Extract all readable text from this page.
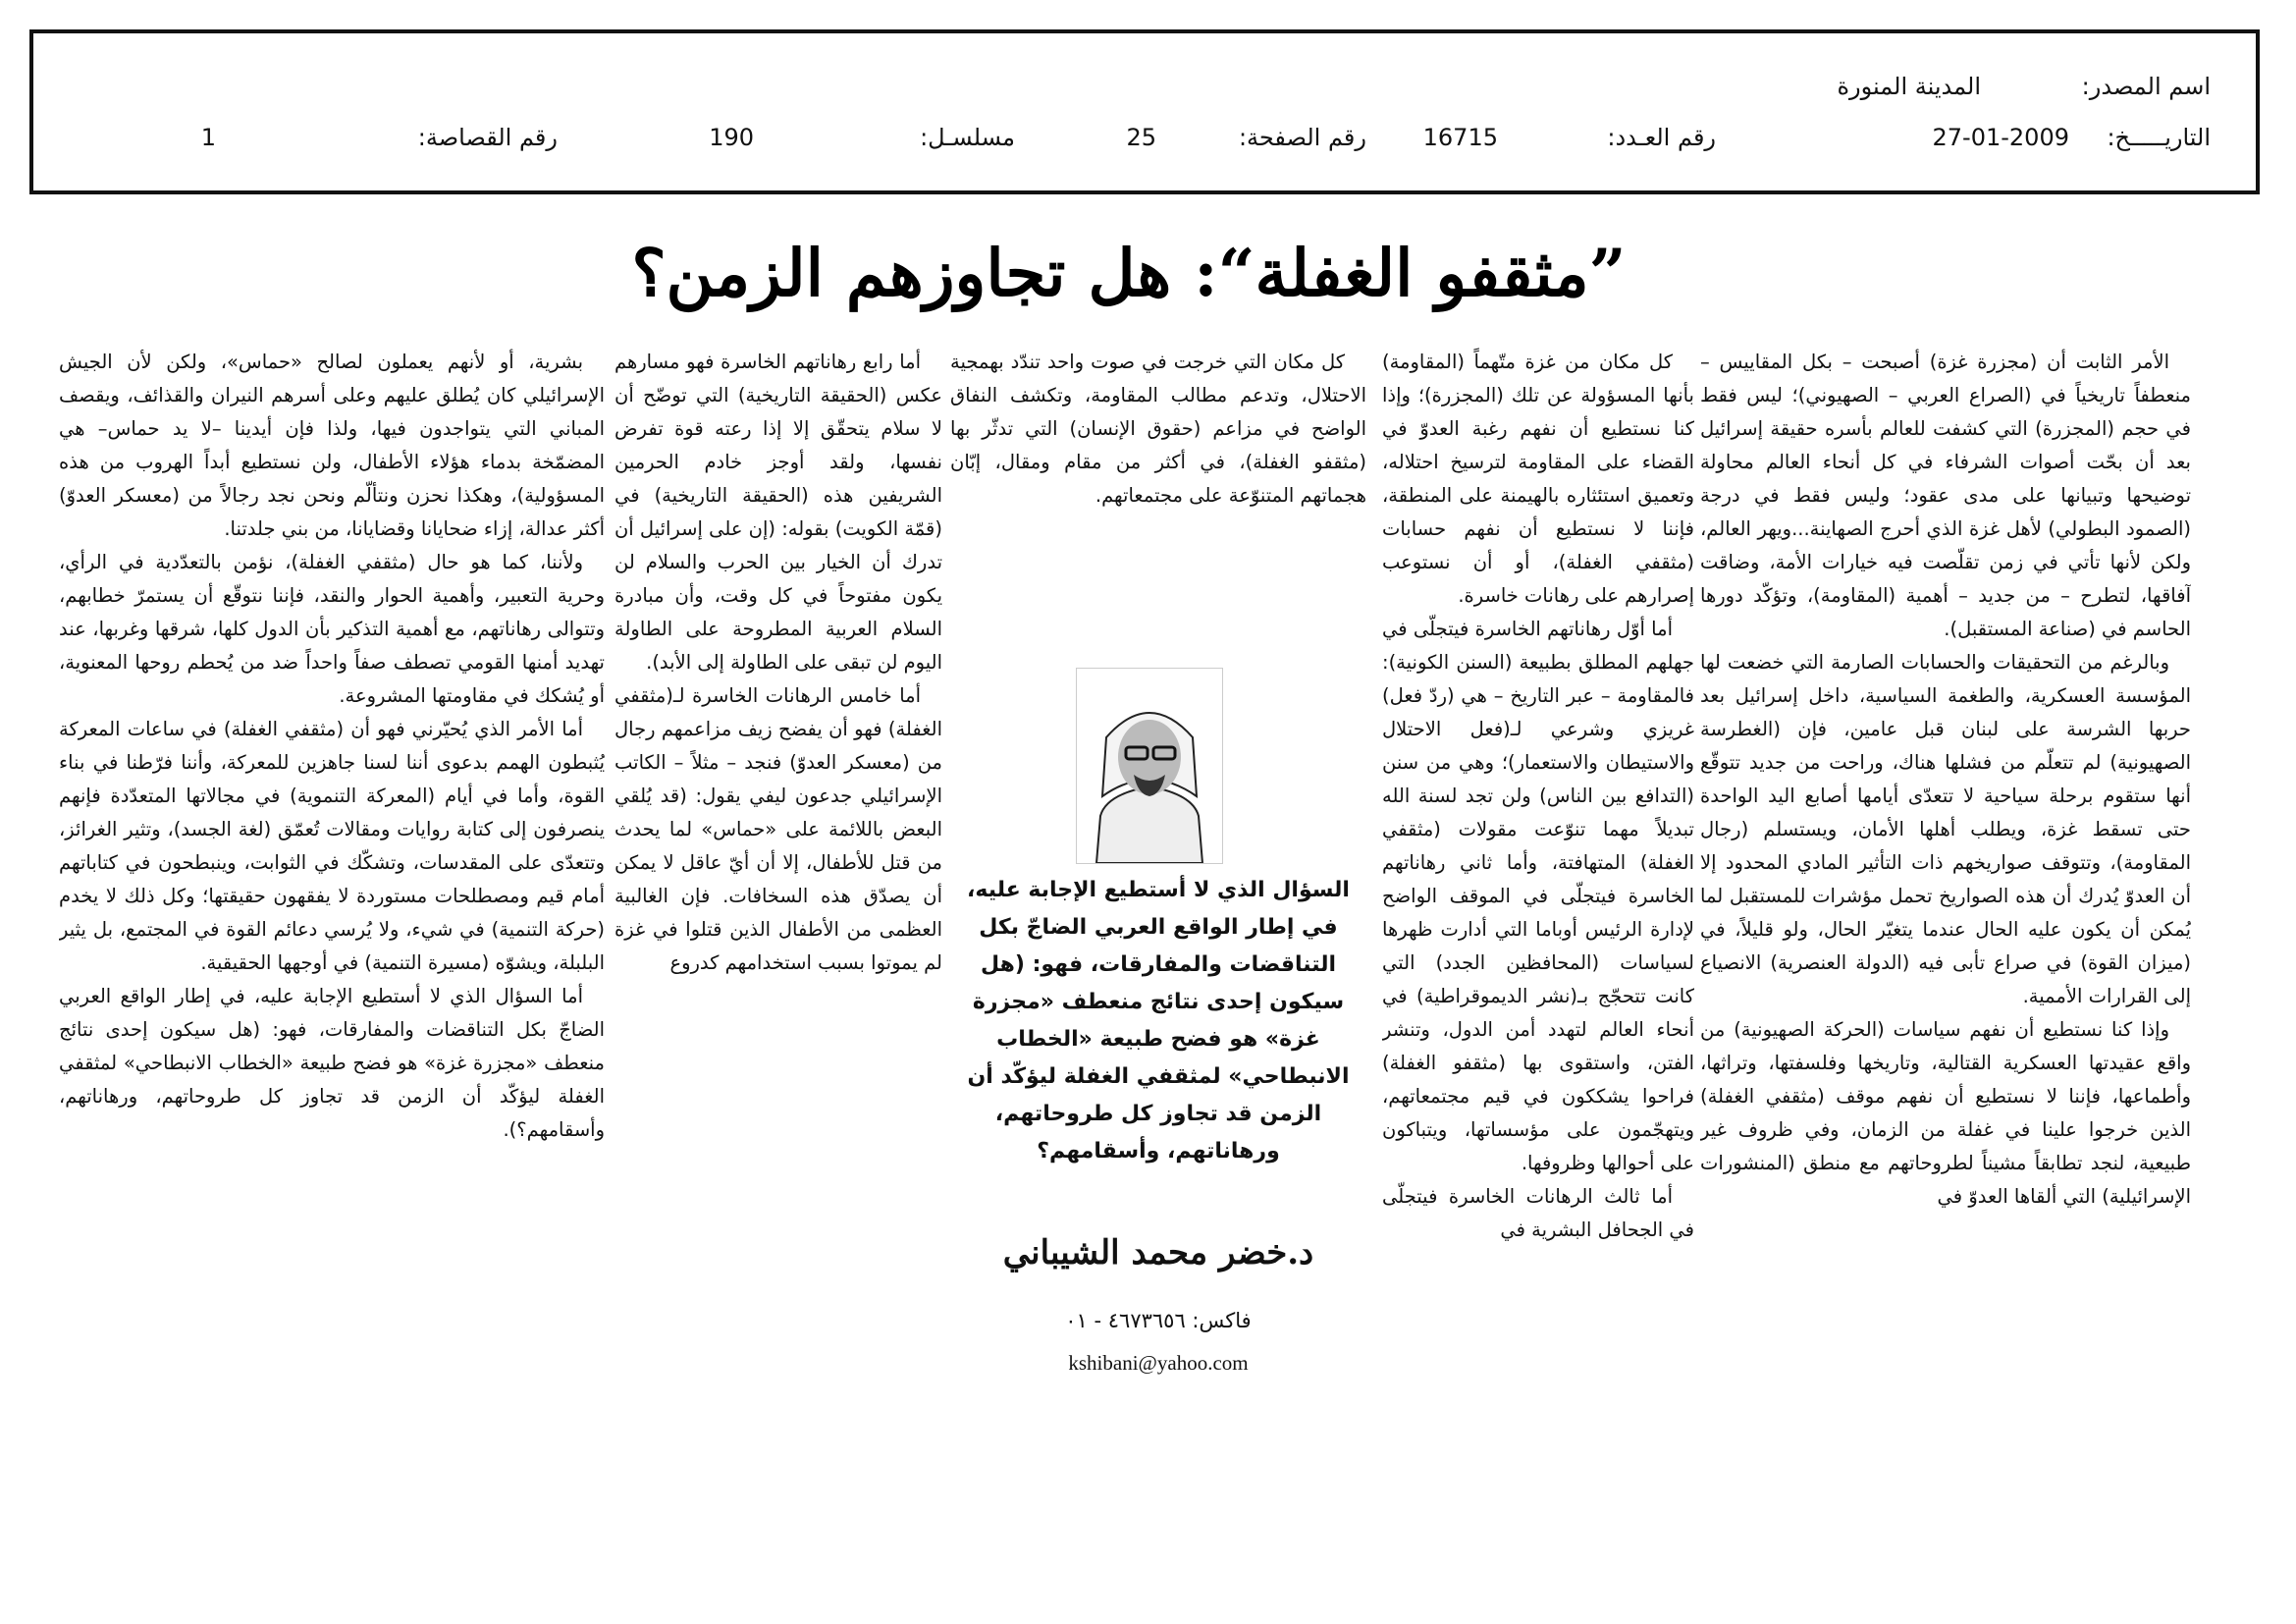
اسم المصدر:
المدينة المنورة
التاريـــــخ:
27-01-2009
رقم العـدد:
16715
رقم الصفحة:
25
مسلسـل:
190
رقم القصاصة:
1
”مثقفو الغفلة“: هل تجاوزهم الزمن؟

الأمر الثابت أن (مجزرة غزة) أصبحت – بكل المقاييس – منعطفاً تاريخياً في (الصراع العربي – الصهيوني)؛ ليس فقط في حجم (المجزرة) التي كشفت للعالم بأسره حقيقة إسرائيل بعد أن بحّت أصوات الشرفاء في كل أنحاء العالم محاولة توضيحها وتبيانها على مدى عقود؛ وليس فقط في درجة (الصمود البطولي) لأهل غزة الذي أحرج الصهاينة...ويهر العالم، ولكن لأنها تأتي في زمن تقلّصت فيه خيارات الأمة، وضاقت آفاقها، لتطرح – من جديد – أهمية (المقاومة)، وتؤكّد دورها الحاسم في (صناعة المستقبل).

وبالرغم من التحقيقات والحسابات الصارمة التي خضعت لها المؤسسة العسكرية، والطغمة السياسية، داخل إسرائيل بعد حربها الشرسة على لبنان قبل عامين، فإن (الغطرسة الصهيونية) لم تتعلّم من فشلها هناك، وراحت من جديد تتوقّع أنها ستقوم برحلة سياحية لا تتعدّى أيامها أصابع اليد الواحدة حتى تسقط غزة، ويطلب أهلها الأمان، ويستسلم (رجال المقاومة)، وتتوقف صواريخهم ذات التأثير المادي المحدود إلا أن العدوّ يُدرك أن هذه الصواريخ تحمل مؤشرات للمستقبل لما يُمكن أن يكون عليه الحال عندما يتغيّر الحال، ولو قليلاً، في (ميزان القوة) في صراع تأبى فيه (الدولة العنصرية) الانصياع إلى القرارات الأممية.

وإذا كنا نستطيع أن نفهم سياسات (الحركة الصهيونية) من واقع عقيدتها العسكرية القتالية، وتاريخها وفلسفتها، وتراثها، وأطماعها، فإننا لا نستطيع أن نفهم موقف (مثقفي الغفلة) الذين خرجوا علينا في غفلة من الزمان، وفي ظروف غير طبيعية، لنجد تطابقاً مشيناً لطروحاتهم مع منطق (المنشورات الإسرائيلية) التي ألقاها العدوّ في

كل مكان من غزة متّهماً (المقاومة) بأنها المسؤولة عن تلك (المجزرة)؛ وإذا كنا نستطيع أن نفهم رغبة العدوّ في القضاء على المقاومة لترسيخ احتلاله، وتعميق استئثاره بالهيمنة على المنطقة، فإننا لا نستطيع أن نفهم حسابات (مثقفي الغفلة)، أو أن نستوعب إصرارهم على رهانات خاسرة.

أما أوّل رهاناتهم الخاسرة فيتجلّى في جهلهم المطلق بطبيعة (السنن الكونية): فالمقاومة – عبر التاريخ – هي (ردّ فعل) غريزي وشرعي لـ(فعل الاحتلال والاستيطان والاستعمار)؛ وهي من سنن (التدافع بين الناس) ولن تجد لسنة الله تبديلاً مهما تنوّعت مقولات (مثقفي الغفلة) المتهافتة، وأما ثاني رهاناتهم الخاسرة فيتجلّى في الموقف الواضح لإدارة الرئيس أوباما التي أدارت ظهرها لسياسات (المحافظين الجدد) التي كانت تتحجّج بـ(نشر الديموقراطية) في أنحاء العالم لتهدد أمن الدول، وتنشر الفتن، واستقوى بها (مثقفو الغفلة) فراحوا يشككون في قيم مجتمعاتهم، ويتهجّمون على مؤسساتها، ويتباكون على أحوالها وظروفها.

أما ثالث الرهانات الخاسرة فيتجلّى في الجحافل البشرية في

كل مكان التي خرجت في صوت واحد تندّد بهمجية الاحتلال، وتدعم مطالب المقاومة، وتكشف النفاق الواضح في مزاعم (حقوق الإنسان) التي تدثّر بها (مثقفو الغفلة)، في أكثر من مقام ومقال، إبّان هجماتهم المتنوّعة على مجتمعاتهم.

السؤال الذي لا أستطيع الإجابة عليه، في إطار الواقع العربي الضاجّ بكل التناقضات والمفارقات، فهو: (هل سيكون إحدى نتائج منعطف «مجزرة غزة» هو فضح طبيعة «الخطاب الانبطاحي» لمثقفي الغفلة ليؤكّد أن الزمن قد تجاوز كل طروحاتهم، ورهاناتهم، وأسقامهم؟
د.خضر محمد الشيباني
فاكس: ٤٦٧٣٦٥٦ - ٠١
kshibani@yahoo.com

أما رابع رهاناتهم الخاسرة فهو مسارهم عكس (الحقيقة التاريخية) التي توضّح أن لا سلام يتحقّق إلا إذا رعته قوة تفرض نفسها، ولقد أوجز خادم الحرمين الشريفين هذه (الحقيقة التاريخية) في (قمّة الكويت) بقوله: (إن على إسرائيل أن تدرك أن الخيار بين الحرب والسلام لن يكون مفتوحاً في كل وقت، وأن مبادرة السلام العربية المطروحة على الطاولة اليوم لن تبقى على الطاولة إلى الأبد).

أما خامس الرهانات الخاسرة لـ(مثقفي الغفلة) فهو أن يفضح زيف مزاعمهم رجال من (معسكر العدوّ) فنجد – مثلاً – الكاتب الإسرائيلي جدعون ليفي يقول: (قد يُلقي البعض باللائمة على «حماس» لما يحدث من قتل للأطفال، إلا أن أيّ عاقل لا يمكن أن يصدّق هذه السخافات. فإن الغالبية العظمى من الأطفال الذين قتلوا في غزة لم يموتوا بسبب استخدامهم كدروع

بشرية، أو لأنهم يعملون لصالح «حماس»، ولكن لأن الجيش الإسرائيلي كان يُطلق عليهم وعلى أسرهم النيران والقذائف، ويقصف المباني التي يتواجدون فيها، ولذا فإن أيدينا –لا يد حماس– هي المضمّخة بدماء هؤلاء الأطفال، ولن نستطيع أبداً الهروب من هذه المسؤولية)، وهكذا نحزن ونتألّم ونحن نجد رجالاً من (معسكر العدوّ) أكثر عدالة، إزاء ضحايانا وقضايانا، من بني جلدتنا.

ولأننا، كما هو حال (مثقفي الغفلة)، نؤمن بالتعدّدية في الرأي، وحرية التعبير، وأهمية الحوار والنقد، فإننا نتوقّع أن يستمرّ خطابهم، وتتوالى رهاناتهم، مع أهمية التذكير بأن الدول كلها، شرقها وغربها، عند تهديد أمنها القومي تصطف صفاً واحداً ضد من يُحطم روحها المعنوية، أو يُشكك في مقاومتها المشروعة.

أما الأمر الذي يُحيّرني فهو أن (مثقفي الغفلة) في ساعات المعركة يُثبطون الهمم بدعوى أننا لسنا جاهزين للمعركة، وأننا فرّطنا في بناء القوة، وأما في أيام (المعركة التنموية) في مجالاتها المتعدّدة فإنهم ينصرفون إلى كتابة روايات ومقالات تُعمّق (لغة الجسد)، وتثير الغرائز، وتتعدّى على المقدسات، وتشكّك في الثوابت، وينبطحون في كتاباتهم أمام قيم ومصطلحات مستوردة لا يفقهون حقيقتها؛ وكل ذلك لا يخدم (حركة التنمية) في شيء، ولا يُرسي دعائم القوة في المجتمع، بل يثير البلبلة، ويشوّه (مسيرة التنمية) في أوجهها الحقيقية.

أما السؤال الذي لا أستطيع الإجابة عليه، في إطار الواقع العربي الضاجّ بكل التناقضات والمفارقات، فهو: (هل سيكون إحدى نتائج منعطف «مجزرة غزة» هو فضح طبيعة «الخطاب الانبطاحي» لمثقفي الغفلة ليؤكّد أن الزمن قد تجاوز كل طروحاتهم، ورهاناتهم، وأسقامهم؟).
